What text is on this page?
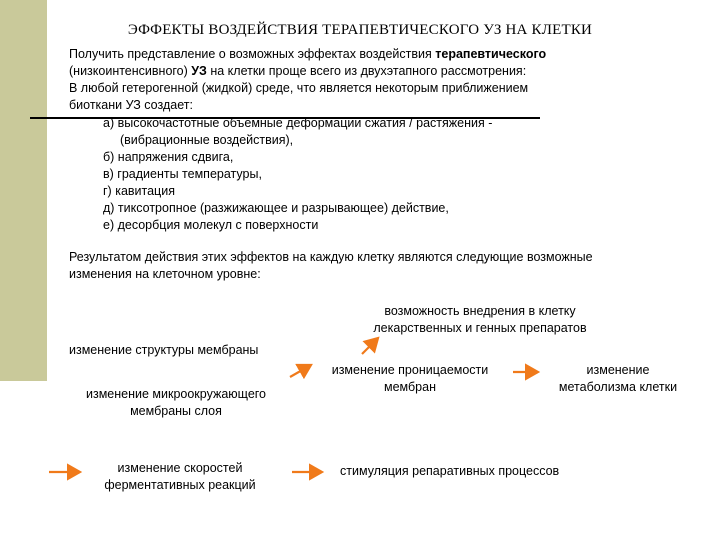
ЭФФЕКТЫ ВОЗДЕЙСТВИЯ ТЕРАПЕВТИЧЕСКОГО УЗ НА КЛЕТКИ
Получить представление о возможных эффектах воздействия терапевтического
(низкоинтенсивного) УЗ на клетки проще всего из двухэтапного рассмотрения:
В любой гетерогенной (жидкой) среде, что является некоторым приближением
биоткани УЗ создает:
а) высокочастотные объемные деформации сжатия / растяжения -
(вибрационные воздействия),
б) напряжения сдвига,
в) градиенты температуры,
г) кавитация
д) тиксотропное (разжижающее и разрывающее) действие,
е) десорбция молекул с поверхности
Результатом действия этих эффектов на каждую клетку являются следующие возможные
изменения на клеточном уровне:
возможность внедрения в клетку
лекарственных и генных препаратов
изменение структуры мембраны
изменение проницаемости
мембран
изменение
метаболизма клетки
изменение микроокружающего
мембраны слоя
изменение скоростей
ферментативных реакций
стимуляция репаративных процессов
